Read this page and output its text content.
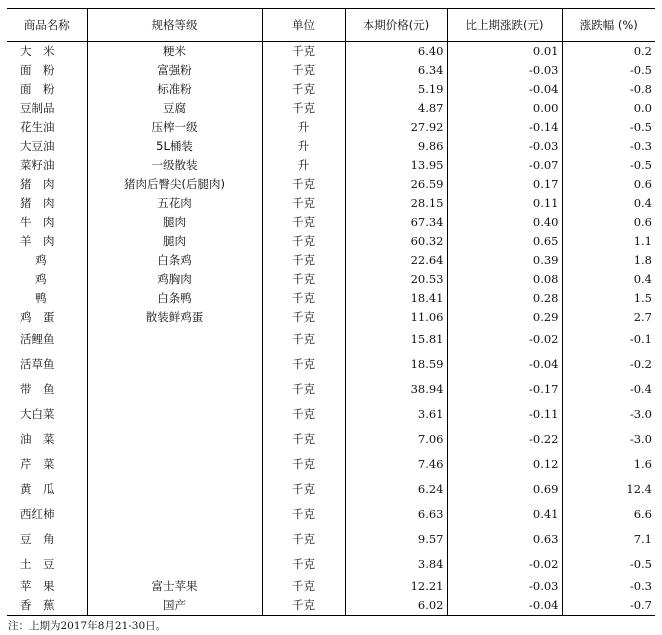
商品名称	规格等级	单位	本期价格(元)	比上期涨跌(元)	涨跌幅 (%)
大　米	粳米	千克	6.40	0.01	0.2
面　粉	富强粉	千克	6.34	-0.03	-0.5
面　粉	标准粉	千克	5.19	-0.04	-0.8
豆制品	豆腐	千克	4.87	0.00	0.0
花生油	压榨一级	升	27.92	-0.14	-0.5
大豆油	5L桶装	升	9.86	-0.03	-0.3
菜籽油	一级散装	升	13.95	-0.07	-0.5
猪　肉	猪肉后臀尖(后腿肉)	千克	26.59	0.17	0.6
猪　肉	五花肉	千克	28.15	0.11	0.4
牛　肉	腿肉	千克	67.34	0.40	0.6
羊　肉	腿肉	千克	60.32	0.65	1.1
　 鸡	白条鸡	千克	22.64	0.39	1.8
　 鸡	鸡胸肉	千克	20.53	0.08	0.4
　 鸭	白条鸭	千克	18.41	0.28	1.5
鸡　蛋	散装鲜鸡蛋	千克	11.06	0.29	2.7
活鲤鱼		千克	15.81	-0.02	-0.1
活草鱼		千克	18.59	-0.04	-0.2
带　鱼		千克	38.94	-0.17	-0.4
大白菜		千克	3.61	-0.11	-3.0
油　菜		千克	7.06	-0.22	-3.0
芹　菜		千克	7.46	0.12	1.6
黄　瓜		千克	6.24	0.69	12.4
西红柿		千克	6.63	0.41	6.6
豆　角		千克	9.57	0.63	7.1
土　豆		千克	3.84	-0.02	-0.5
苹　果	富士苹果	千克	12.21	-0.03	-0.3
香　蕉	国产	千克	6.02	-0.04	-0.7
注：上期为2017年8月21-30日。
